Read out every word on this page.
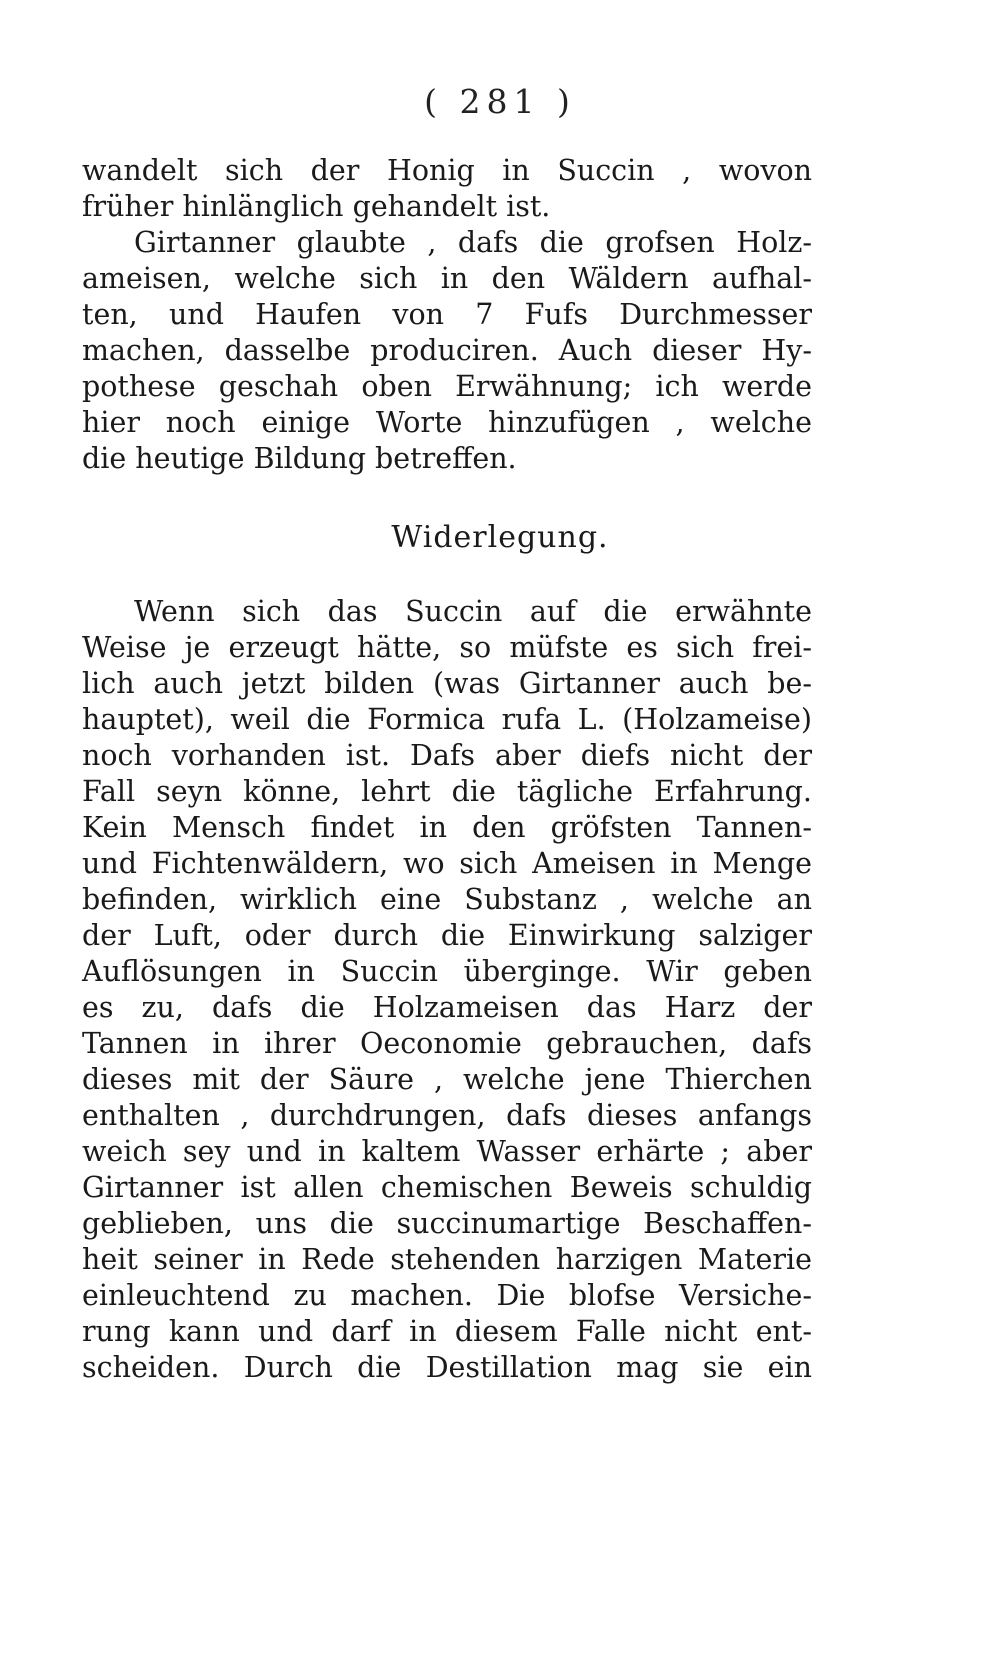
( 281 )
wandelt sich der Honig in Succin , wovon
früher hinlänglich gehandelt ist.
Girtanner glaubte , dafs die grofsen Holz-
ameisen, welche sich in den Wäldern aufhal-
ten, und Haufen von 7 Fufs Durchmesser
machen, dasselbe produciren. Auch dieser Hy-
pothese geschah oben Erwähnung; ich werde
hier noch einige Worte hinzufügen , welche
die heutige Bildung betreffen.
Widerlegung.
Wenn sich das Succin auf die erwähnte
Weise je erzeugt hätte, so müfste es sich frei-
lich auch jetzt bilden (was Girtanner auch be-
hauptet), weil die Formica rufa L. (Holzameise)
noch vorhanden ist. Dafs aber diefs nicht der
Fall seyn könne, lehrt die tägliche Erfahrung.
Kein Mensch findet in den gröfsten Tannen-
und Fichtenwäldern, wo sich Ameisen in Menge
befinden, wirklich eine Substanz , welche an
der Luft, oder durch die Einwirkung salziger
Auflösungen in Succin überginge. Wir geben
es zu, dafs die Holzameisen das Harz der
Tannen in ihrer Oeconomie gebrauchen, dafs
dieses mit der Säure , welche jene Thierchen
enthalten , durchdrungen, dafs dieses anfangs
weich sey und in kaltem Wasser erhärte ; aber
Girtanner ist allen chemischen Beweis schuldig
geblieben, uns die succinumartige Beschaffen-
heit seiner in Rede stehenden harzigen Materie
einleuchtend zu machen. Die blofse Versiche-
rung kann und darf in diesem Falle nicht ent-
scheiden. Durch die Destillation mag sie ein
